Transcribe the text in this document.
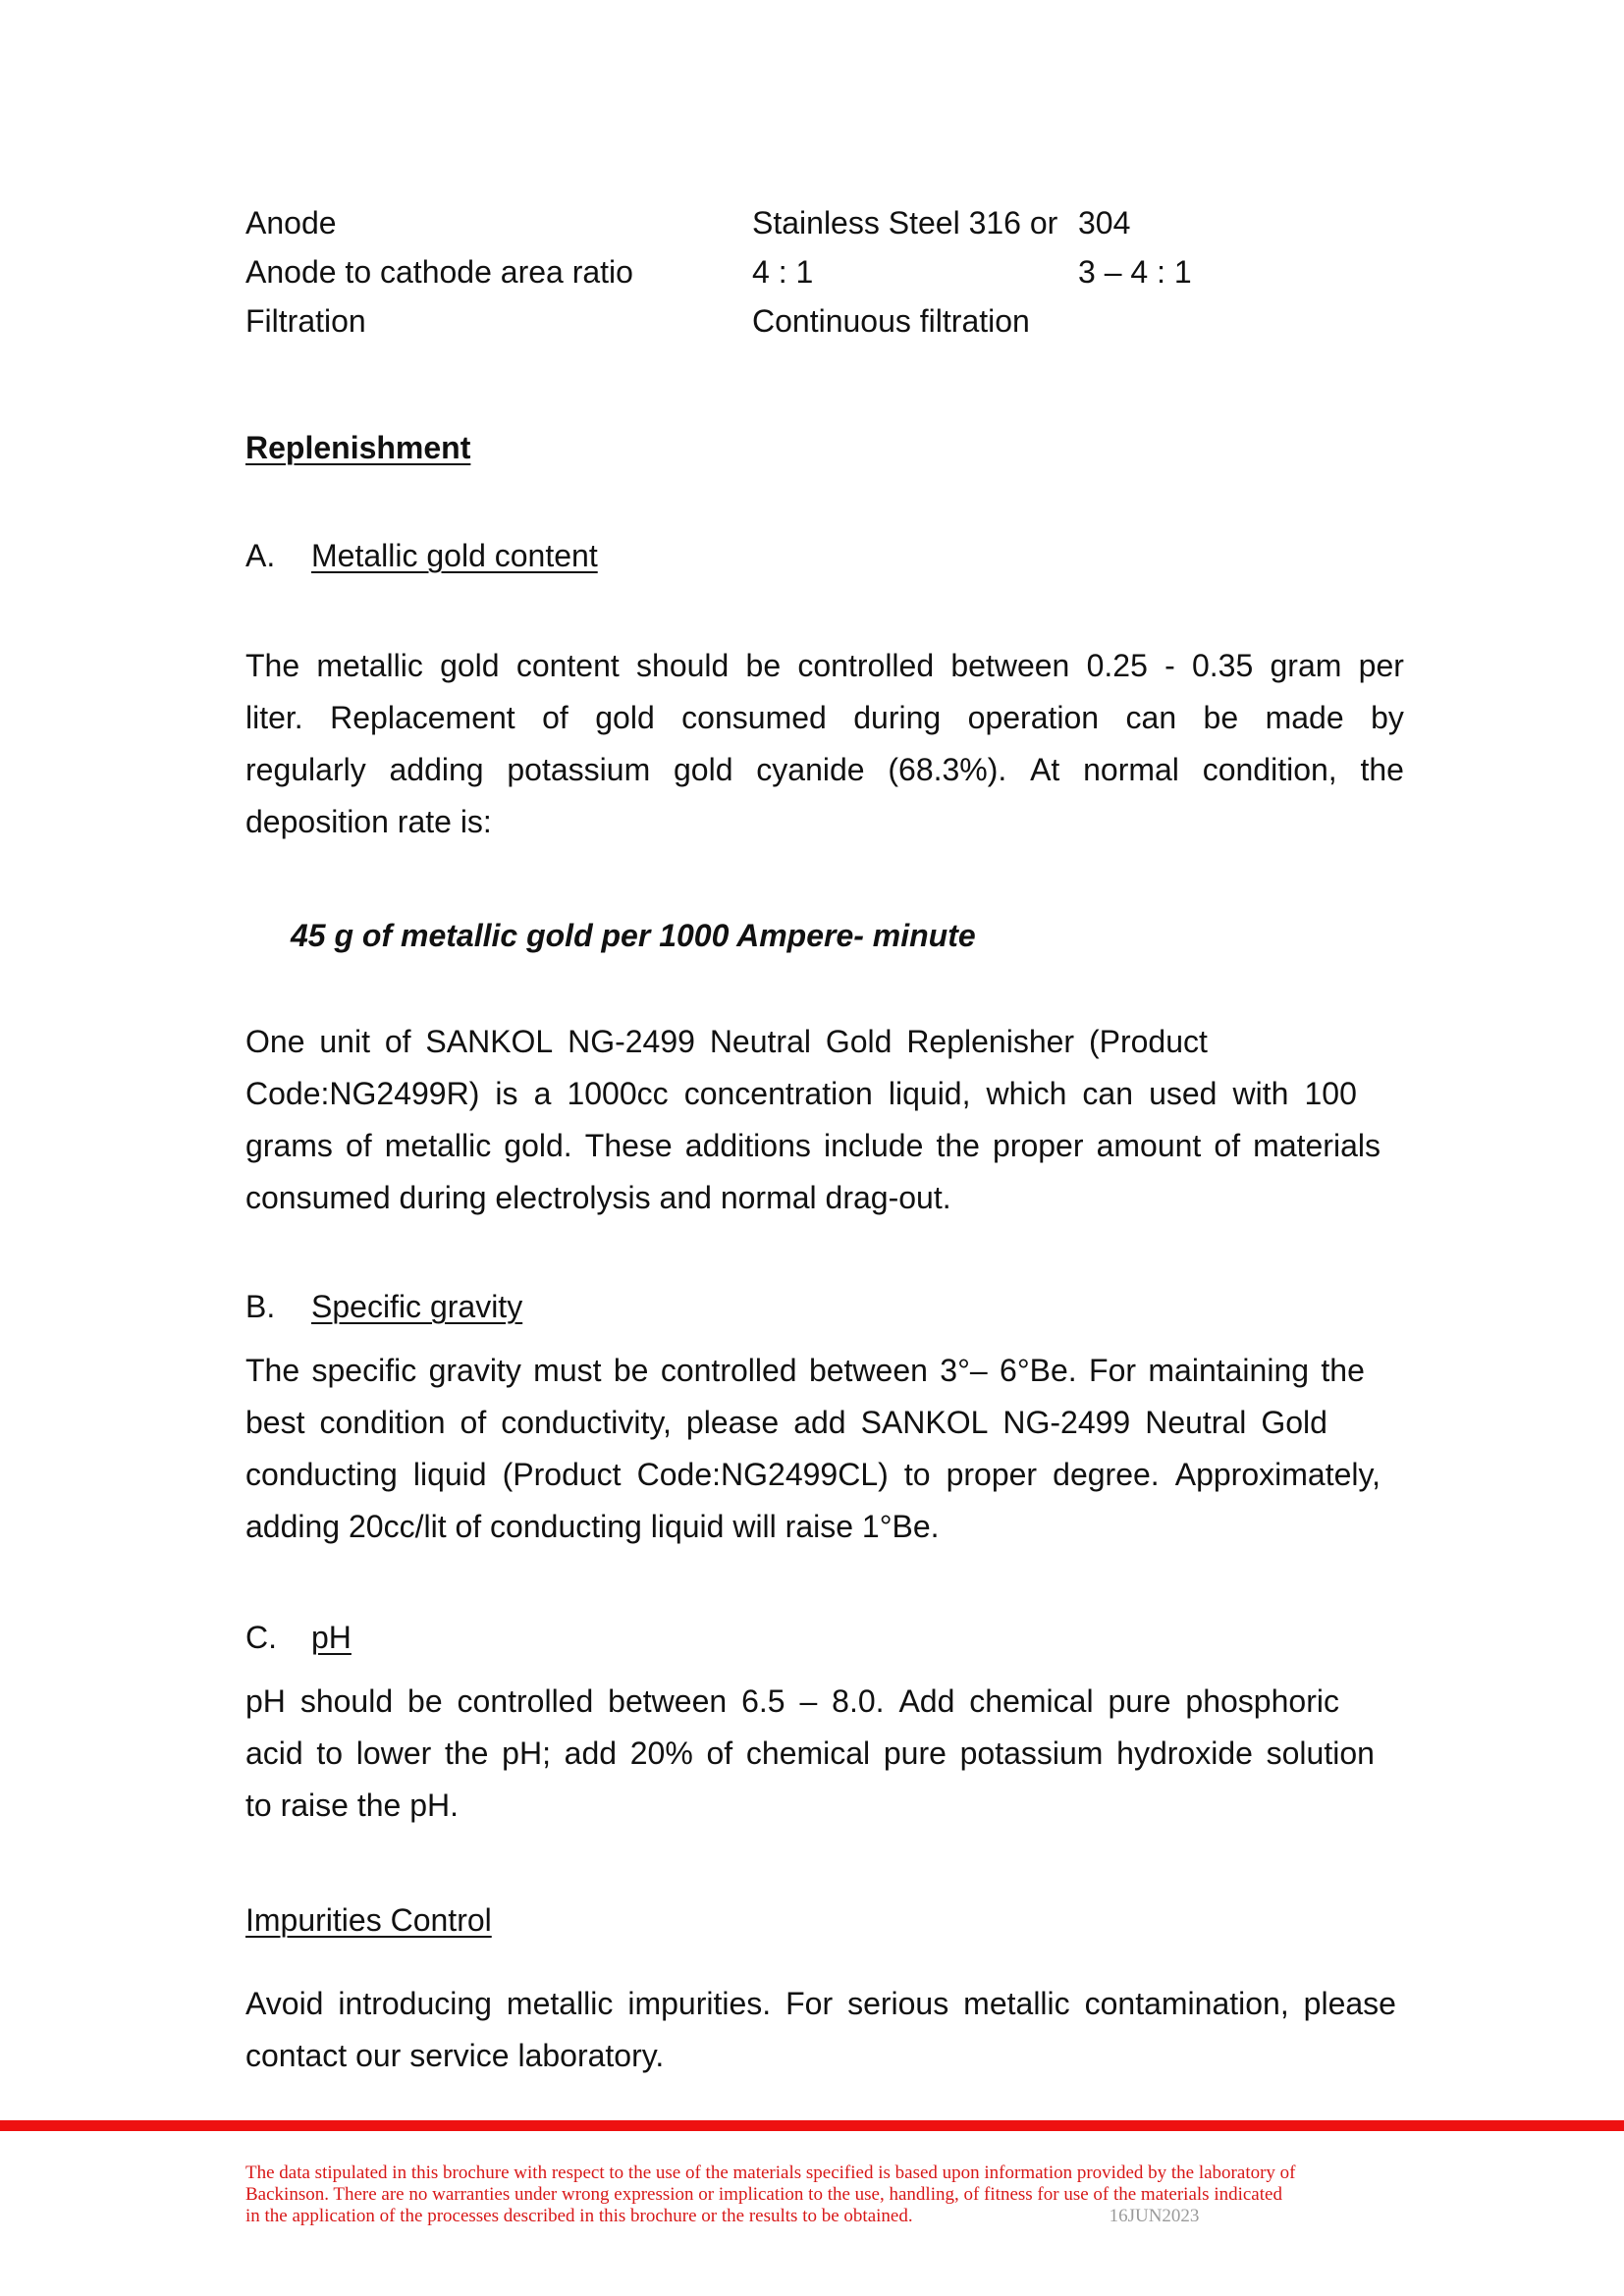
Anode	Stainless Steel 316 or 304
Anode to cathode area ratio	4 : 1	3 – 4 : 1
Filtration	Continuous filtration
Replenishment
A. Metallic gold content
The metallic gold content should be controlled between 0.25 - 0.35 gram per
liter. Replacement of gold consumed during operation can be made by
regularly adding potassium gold cyanide (68.3%). At normal condition, the

deposition rate is:

45 g of metallic gold per 1000 Ampere- minute
One unit of SANKOL NG-2499 Neutral Gold Replenisher (Product
Code:NG2499R) is a 1000cc concentration liquid, which can used with 100
grams of metallic gold. These additions include the proper amount of materials

consumed during electrolysis and normal drag-out.

B. Specific gravity
The specific gravity must be controlled between 3°– 6°Be. For maintaining the
best condition of conductivity, please add SANKOL NG-2499 Neutral Gold
conducting liquid (Product Code:NG2499CL) to proper degree. Approximately,

adding 20cc/lit of conducting liquid will raise 1°Be.

C. pH
pH should be controlled between 6.5 – 8.0. Add chemical pure phosphoric
acid to lower the pH; add 20% of chemical pure potassium hydroxide solution

to raise the pH.

Impurities Control
Avoid introducing metallic impurities. For serious metallic contamination, please

contact our service laboratory.

The data stipulated in this brochure with respect to the use of the materials specified is based upon information provided by the laboratory of

Backinson. There are no warranties under wrong expression or implication to the use, handling, of fitness for use of the materials indicated

in the application of the processes described in this brochure or the results to be obtained.	16JUN2023
